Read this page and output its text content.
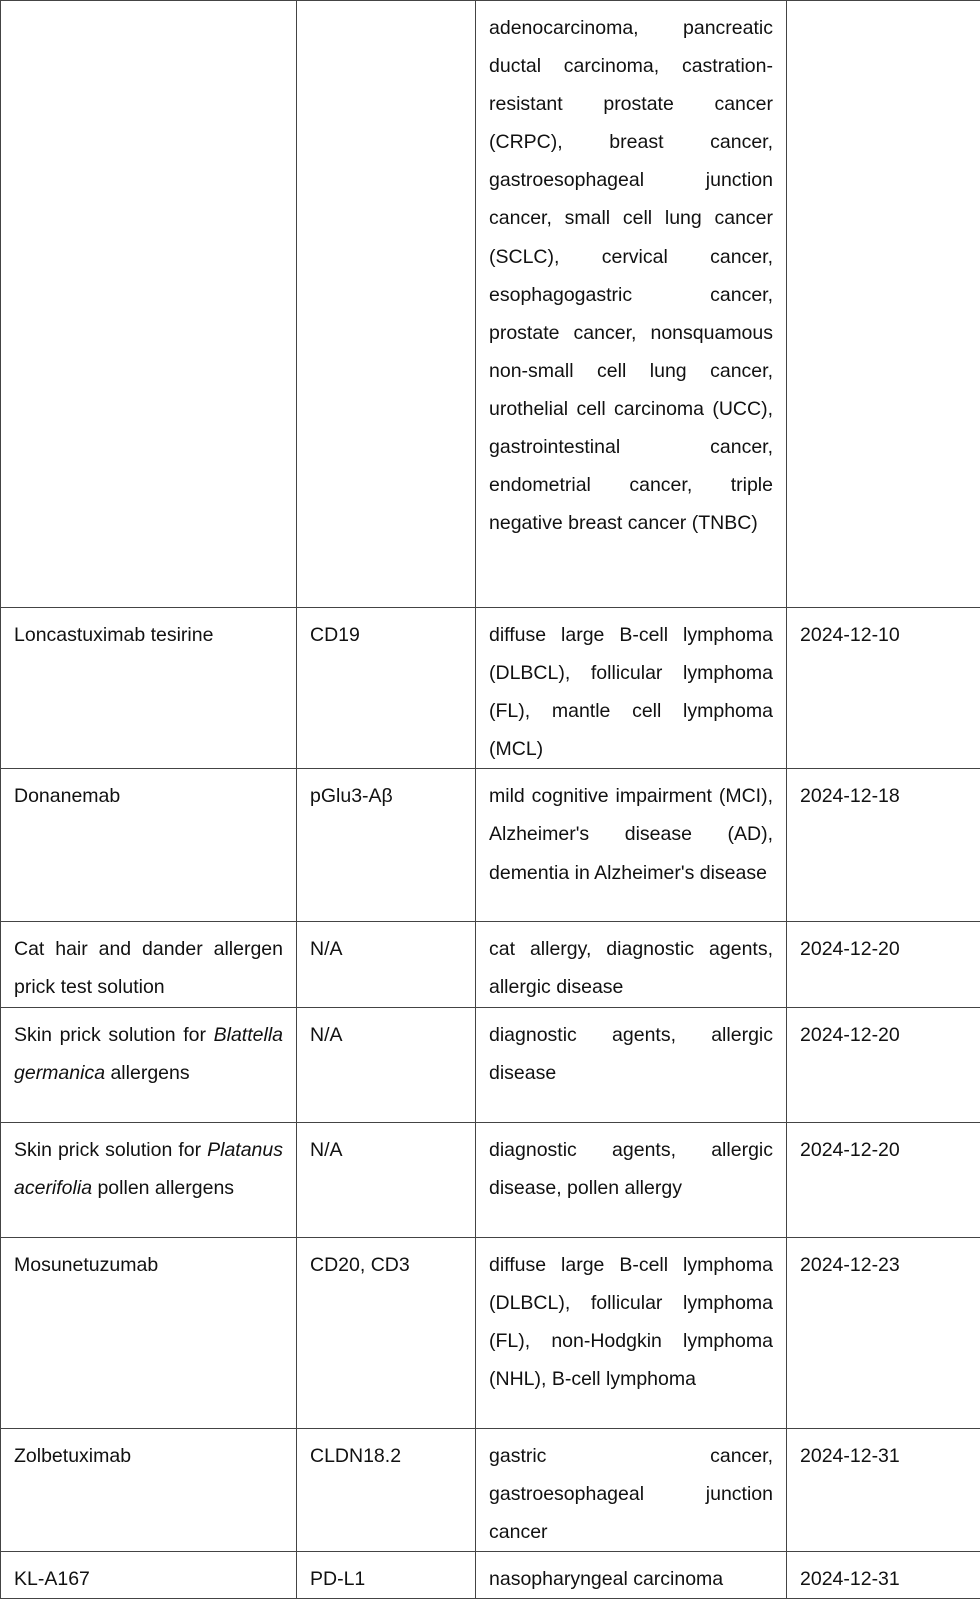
		adenocarcinoma, pancreatic ductal carcinoma, castration-resistant prostate cancer (CRPC), breast cancer, gastroesophageal junction cancer, small cell lung cancer (SCLC), cervical cancer, esophagogastric cancer, prostate cancer, nonsquamous non-small cell lung cancer, urothelial cell carcinoma (UCC), gastrointestinal cancer, endometrial cancer, triple negative breast cancer (TNBC)	
Loncastuximab tesirine	CD19	diffuse large B-cell lymphoma (DLBCL), follicular lymphoma (FL), mantle cell lymphoma (MCL)	2024-12-10
Donanemab	pGlu3-Aβ	mild cognitive impairment (MCI), Alzheimer's disease (AD), dementia in Alzheimer's disease	2024-12-18
Cat hair and dander allergen prick test solution	N/A	cat allergy, diagnostic agents, allergic disease	2024-12-20
Skin prick solution for Blattella germanica allergens	N/A	diagnostic agents, allergic disease	2024-12-20
Skin prick solution for Platanus acerifolia pollen allergens	N/A	diagnostic agents, allergic disease, pollen allergy	2024-12-20
Mosunetuzumab	CD20, CD3	diffuse large B-cell lymphoma (DLBCL), follicular lymphoma (FL), non-Hodgkin lymphoma (NHL), B-cell lymphoma	2024-12-23
Zolbetuximab	CLDN18.2	gastric cancer, gastroesophageal junction cancer	2024-12-31
KL-A167	PD-L1	nasopharyngeal carcinoma	2024-12-31
